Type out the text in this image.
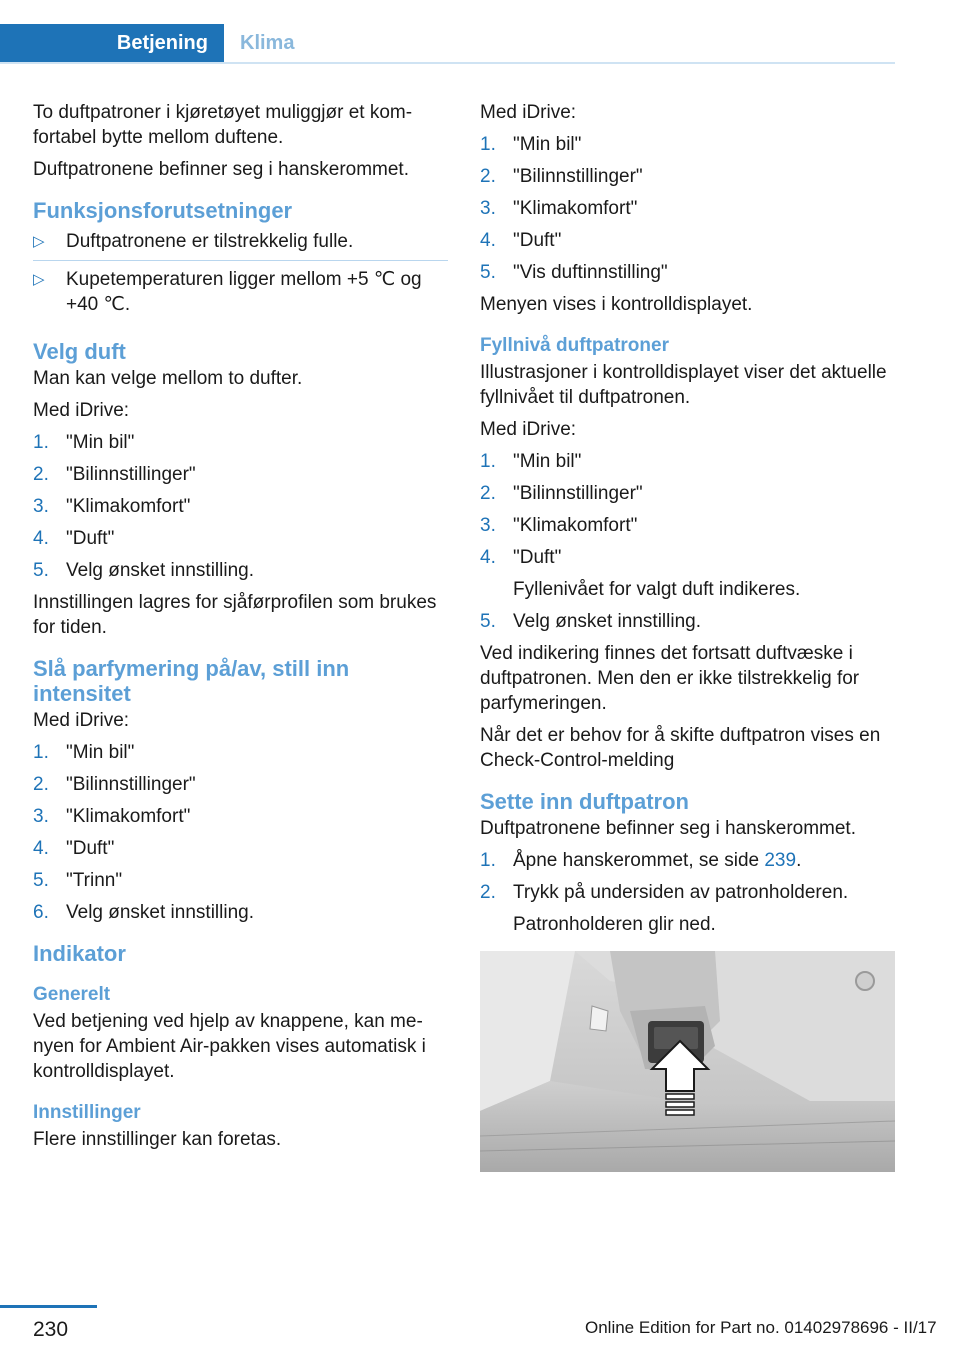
Betjening	Klima

To duftpatroner i kjøretøyet muliggjør et komfortabel bytte mellom duftene.

Duftpatronene befinner seg i hanskerommet.

Funksjonsforutsetninger
▷ Duftpatronene er tilstrekkelig fulle.
▷ Kupetemperaturen ligger mellom +5 ℃ og +40 ℃.
Velg duft

Man kan velge mellom to dufter.

Med iDrive:

1. "Min bil"
2. "Bilinnstillinger"
3. "Klimakomfort"
4. "Duft"
5. Velg ønsket innstilling.

Innstillingen lagres for sjåførprofilen som brukes for tiden.

Slå parfymering på/av, still inn intensitet

Med iDrive:

1. "Min bil"
2. "Bilinnstillinger"
3. "Klimakomfort"
4. "Duft"
5. "Trinn"
6. Velg ønsket innstilling.
Indikator
Generelt

Ved betjening ved hjelp av knappene, kan menyen for Ambient Air-pakken vises automatisk i kontrolldisplayet.

Innstillinger

Flere innstillinger kan foretas.

Med iDrive:

1. "Min bil"
2. "Bilinnstillinger"
3. "Klimakomfort"
4. "Duft"
5. "Vis duftinnstilling"

Menyen vises i kontrolldisplayet.

Fyllnivå duftpatroner

Illustrasjoner i kontrolldisplayet viser det aktuelle fyllnivået til duftpatronen.

Med iDrive:

1. "Min bil"
2. "Bilinnstillinger"
3. "Klimakomfort"
4. "Duft"
Fyllenivået for valgt duft indikeres.
5. Velg ønsket innstilling.

Ved indikering finnes det fortsatt duftvæske i duftpatronen. Men den er ikke tilstrekkelig for parfymeringen.

Når det er behov for å skifte duftpatron vises en Check-Control-melding

Sette inn duftpatron

Duftpatronene befinner seg i hanskerommet.

1. Åpne hanskerommet, se side 239.
2. Trykk på undersiden av patronholderen.
Patronholderen glir ned.
230	Online Edition for Part no. 01402978696 - II/17
